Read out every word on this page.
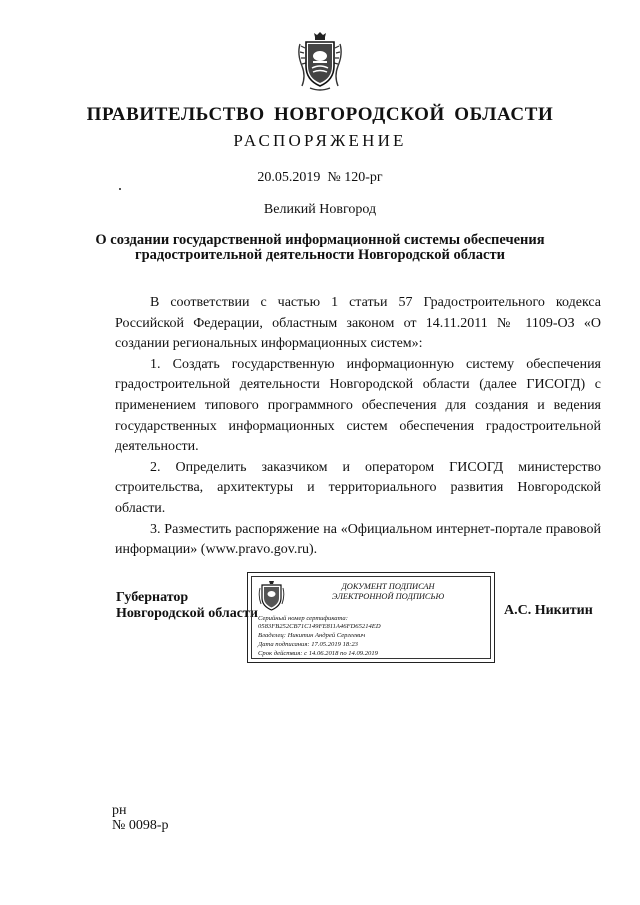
ПРАВИТЕЛЬСТВО НОВГОРОДСКОЙ ОБЛАСТИ
РАСПОРЯЖЕНИЕ
20.05.2019 № 120-рг
Великий Новгород
О создании государственной информационной системы обеспечения
градостроительной деятельности Новгородской области

В соответствии с частью 1 статьи 57 Градостроительного кодекса Российской Федерации, областным законом от 14.11.2011 № 1109-ОЗ «О создании региональных информационных систем»:

1. Создать государственную информационную систему обеспечения градостроительной деятельности Новгородской области (далее ГИСОГД) с применением типового программного обеспечения для создания и ведения государственных информационных систем обеспечения градостроительной деятельности.

2. Определить заказчиком и оператором ГИСОГД министерство строительства, архитектуры и территориального развития Новгородской области.

3. Разместить распоряжение на «Официальном интернет-портале правовой информации» (www.pravo.gov.ru).

Губернатор
Новгородской области
ДОКУМЕНТ ПОДПИСАН
ЭЛЕКТРОННОЙ ПОДПИСЬЮ
Серийный номер сертификата:
0583FB252CB71C149FE811A46FD65214ED
Владелец: Никитин Андрей Сергеевич
Дата подписания: 17.05.2019 18:23
Срок действия: с 14.06.2018 по 14.09.2019
А.С. Никитин
рн
№ 0098-р
